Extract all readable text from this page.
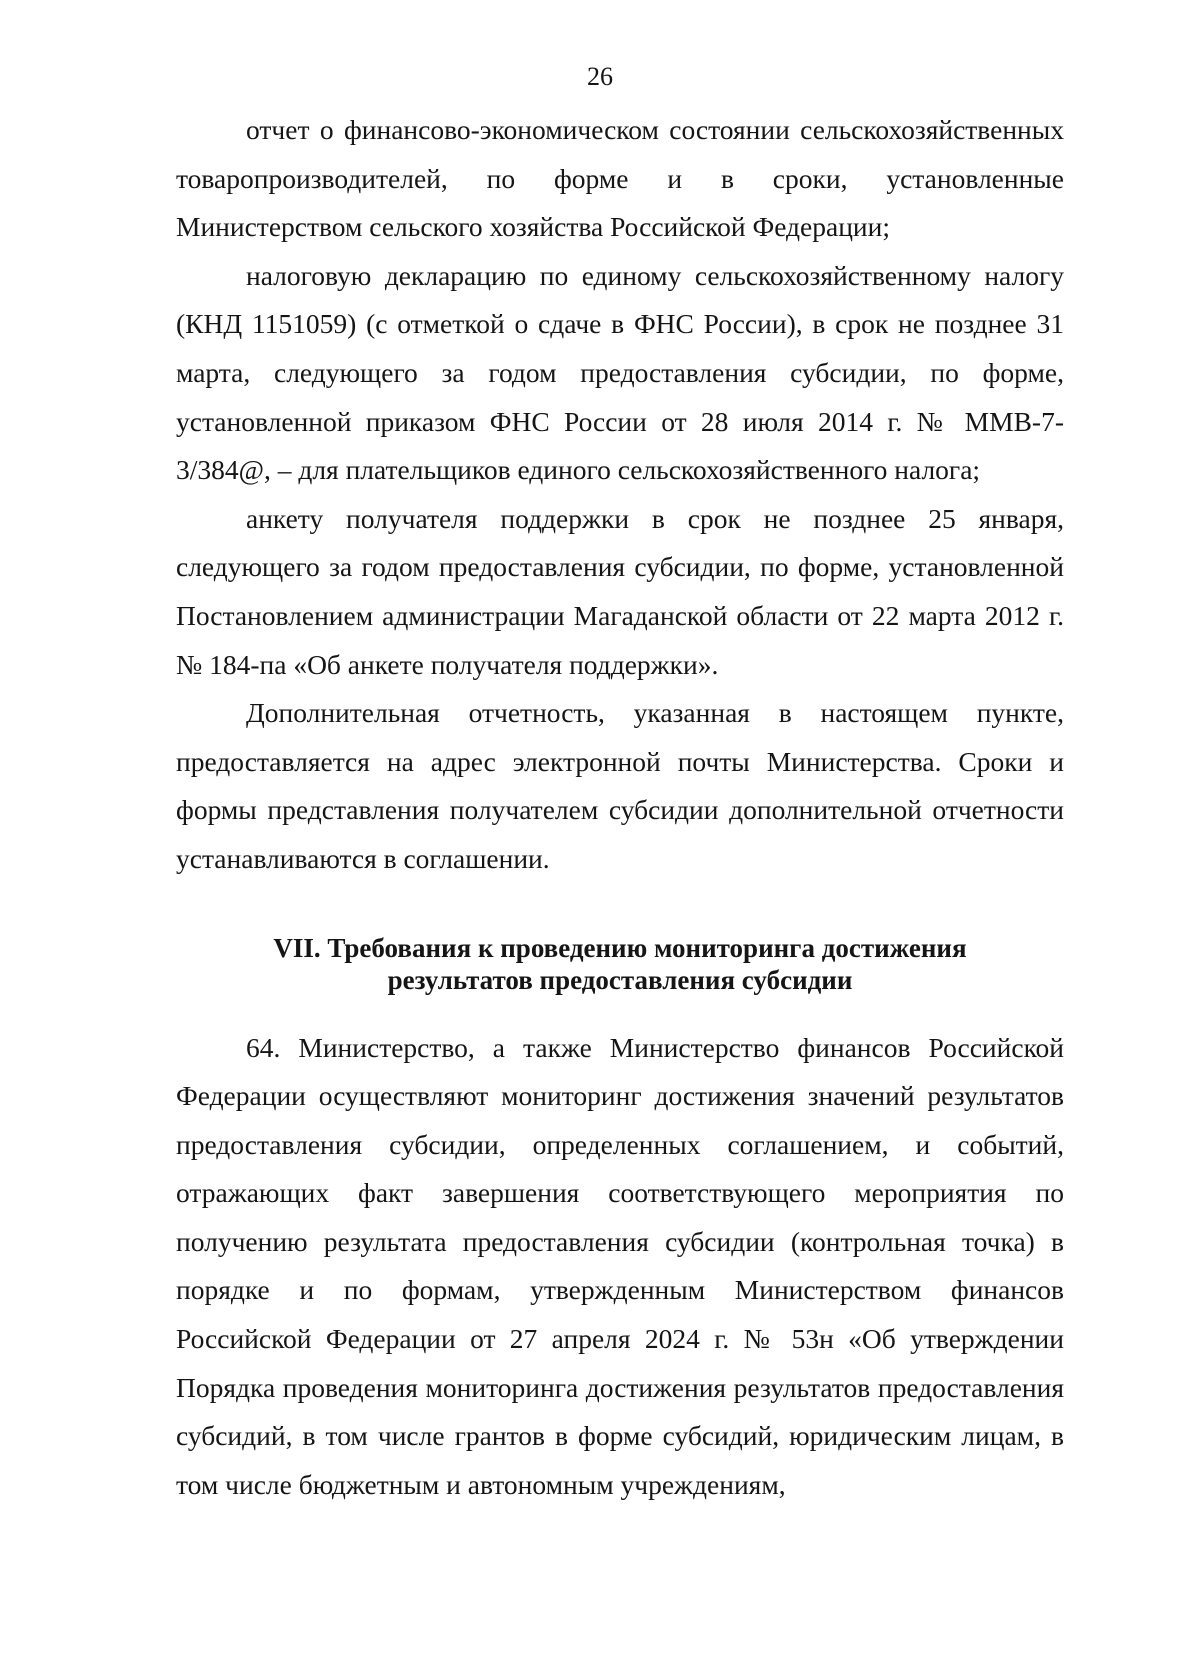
26

отчет о финансово-экономическом состоянии сельскохозяйственных товаропроизводителей, по форме и в сроки, установленные Министерством сельского хозяйства Российской Федерации;

налоговую декларацию по единому сельскохозяйственному налогу (КНД 1151059) (с отметкой о сдаче в ФНС России), в срок не позднее 31 марта, следующего за годом предоставления субсидии, по форме, установленной приказом ФНС России от 28 июля 2014 г. № ММВ-7-3/384@, – для плательщиков единого сельскохозяйственного налога;

анкету получателя поддержки в срок не позднее 25 января, следующего за годом предоставления субсидии, по форме, установленной Постановлением администрации Магаданской области от 22 марта 2012 г. № 184-па «Об анкете получателя поддержки».

Дополнительная отчетность, указанная в настоящем пункте, предоставляется на адрес электронной почты Министерства. Сроки и формы представления получателем субсидии дополнительной отчетности устанавливаются в соглашении.

VII. Требования к проведению мониторинга достижения
результатов предоставления субсидии

64. Министерство, а также Министерство финансов Российской Федерации осуществляют мониторинг достижения значений результатов предоставления субсидии, определенных соглашением, и событий, отражающих факт завершения соответствующего мероприятия по получению результата предоставления субсидии (контрольная точка) в порядке и по формам, утвержденным Министерством финансов Российской Федерации от 27 апреля 2024 г. № 53н «Об утверждении Порядка проведения мониторинга достижения результатов предоставления субсидий, в том числе грантов в форме субсидий, юридическим лицам, в том числе бюджетным и автономным учреждениям,
